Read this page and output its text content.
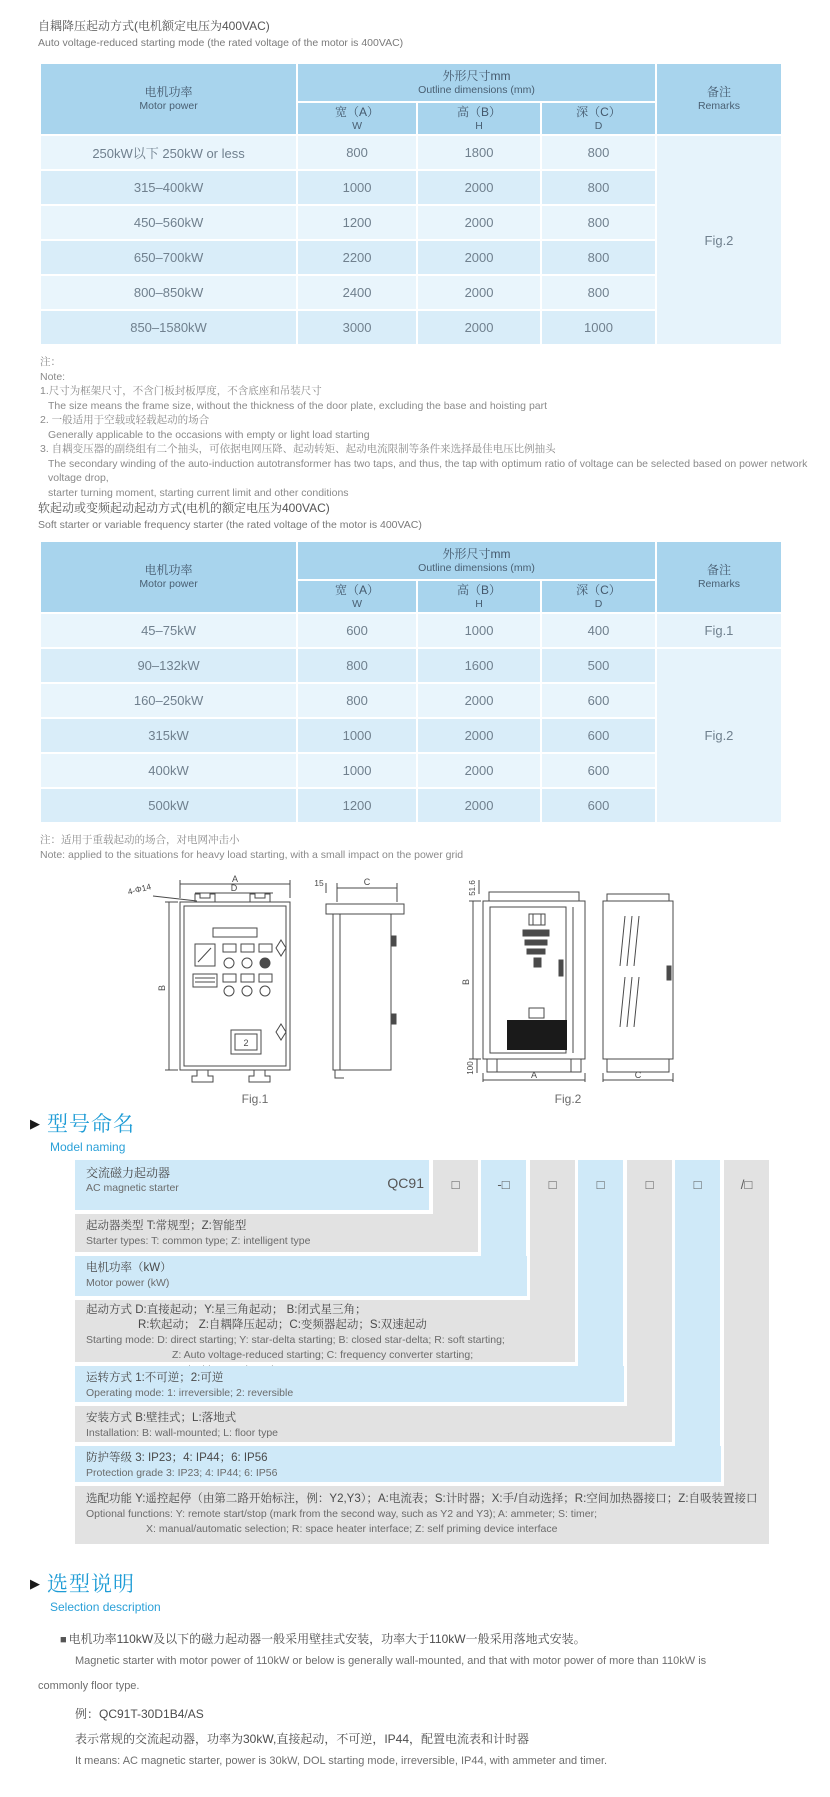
自耦降压起动方式(电机额定电压为400VAC)
Auto voltage-reduced starting mode (the rated voltage of the motor is 400VAC)
电机功率
Motor power

外形尺寸mm
Outline dimensions (mm)	备注
Remarks

宽（A）
W

高（B）
H

深（C）
D

250kW以下 250kW or less	800	1800	800	Fig.2
315–400kW	1000	2000	800	
450–560kW	1200	2000	800	
650–700kW	2200	2000	800	
800–850kW	2400	2000	800	
850–1580kW	3000	2000	1000	
注：
Note:
1.尺寸为框架尺寸，不含门板封板厚度，不含底座和吊装尺寸
The size means the frame size, without the thickness of the door plate, excluding the base and hoisting part
2. 一般适用于空载或轻载起动的场合
Generally applicable to the occasions with empty or light load starting
3. 自耦变压器的副绕组有二个抽头，可依据电网压降、起动转矩、起动电流限制等条件来选择最佳电压比例抽头
The secondary winding of the auto-induction autotransformer has two taps, and thus, the tap with optimum ratio of voltage can be selected based on power network voltage drop,
starter turning moment, starting current limit and other conditions
软起动或变频起动起动方式(电机的额定电压为400VAC)
Soft starter or variable frequency starter (the rated voltage of the motor is 400VAC)
电机功率
Motor power

外形尺寸mm
Outline dimensions (mm)	备注
Remarks

宽（A）
W

高（B）
H

深（C）
D

45–75kW	600	1000	400	Fig.1
90–132kW	800	1600	500	Fig.2
160–250kW	800	2000	600	
315kW	1000	2000	600	
400kW	1000	2000	600	
500kW	1200	2000	600	
注：适用于重载起动的场合，对电网冲击小
Note: applied to the situations for heavy load starting, with a small impact on the power grid
A
D
4-Φ14
B
C
15
2
51.6
B
100
A	C
Fig.1	Fig.2
▶ 型号命名
Model naming
□	-□	□	□	□	□	/□
交流磁力起动器
AC magnetic starter	QC91
起动器类型 T:常规型；Z:智能型
Starter types: T: common type; Z: intelligent type
电机功率（kW）
Motor power (kW)
起动方式 D:直接起动；Y:星三角起动； B:闭式星三角；
R:软起动； Z:自耦降压起动；C:变频器起动；S:双速起动
Starting mode: D: direct starting; Y: star-delta starting; B: closed star-delta; R: soft starting;
Z: Auto voltage-reduced starting; C: frequency converter starting;
运转方式 1:不可逆；2:可逆
Operating mode: 1: irreversible; 2: reversible
安装方式 B:壁挂式；L:落地式
Installation: B: wall-mounted; L: floor type
防护等级 3: IP23；4: IP44；6: IP56
Protection grade 3: IP23; 4: IP44; 6: IP56
选配功能 Y:遥控起停（由第二路开始标注，例：Y2,Y3）；A:电流表；S:计时器；X:手/自动选择；R:空间加热器接口；Z:自吸装置接口
Optional functions: Y: remote start/stop (mark from the second way, such as Y2 and Y3); A: ammeter; S: timer;
X: manual/automatic selection; R: space heater interface; Z: self priming device interface
▶ 选型说明
Selection description
■ 电机功率110kW及以下的磁力起动器一般采用壁挂式安装，功率大于110kW一般采用落地式安装。
Magnetic starter with motor power of 110kW or below is generally wall-mounted, and that with motor power of more than 110kW is
commonly floor type.
例：QC91T-30D1B4/AS
表示常规的交流起动器，功率为30kW,直接起动，不可逆，IP44，配置电流表和计时器
It means: AC magnetic starter, power is 30kW, DOL starting mode, irreversible, IP44, with ammeter and timer.
